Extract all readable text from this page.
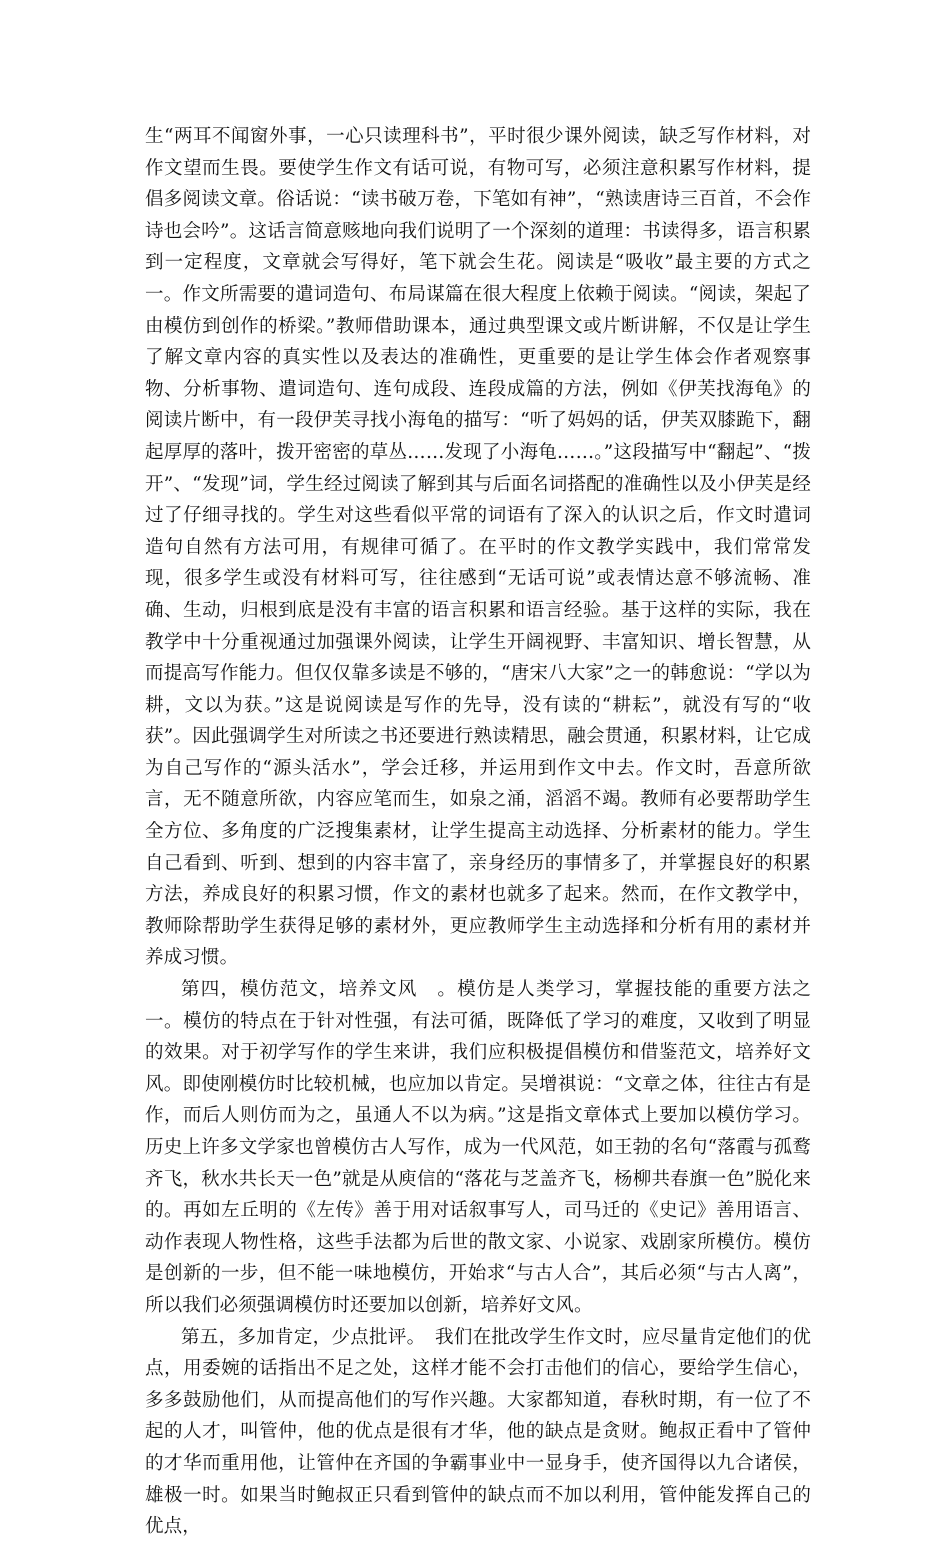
生“两耳不闻窗外事，一心只读理科书”，平时很少课外阅读，缺乏写作材料，对作文望而生畏。要使学生作文有话可说，有物可写，必须注意积累写作材料，提倡多阅读文章。俗话说：“读书破万卷，下笔如有神”，“熟读唐诗三百首，不会作诗也会吟”。这话言简意赅地向我们说明了一个深刻的道理：书读得多，语言积累到一定程度，文章就会写得好，笔下就会生花。阅读是“吸收”最主要的方式之一。作文所需要的遣词造句、布局谋篇在很大程度上依赖于阅读。“阅读，架起了由模仿到创作的桥梁。”教师借助课本，通过典型课文或片断讲解，不仅是让学生了解文章内容的真实性以及表达的准确性，更重要的是让学生体会作者观察事物、分析事物、遣词造句、连句成段、连段成篇的方法，例如《伊芙找海龟》的阅读片断中，有一段伊芙寻找小海龟的描写：“听了妈妈的话，伊芙双膝跪下，翻起厚厚的落叶，拨开密密的草丛……发现了小海龟……。”这段描写中“翻起”、“拨开”、“发现”词，学生经过阅读了解到其与后面名词搭配的准确性以及小伊芙是经过了仔细寻找的。学生对这些看似平常的词语有了深入的认识之后，作文时遣词造句自然有方法可用，有规律可循了。在平时的作文教学实践中，我们常常发现，很多学生或没有材料可写，往往感到“无话可说”或表情达意不够流畅、准确、生动，归根到底是没有丰富的语言积累和语言经验。基于这样的实际，我在教学中十分重视通过加强课外阅读，让学生开阔视野、丰富知识、增长智慧，从而提高写作能力。但仅仅靠多读是不够的，“唐宋八大家”之一的韩愈说：“学以为耕，文以为获。”这是说阅读是写作的先导，没有读的“耕耘”，就没有写的“收获”。因此强调学生对所读之书还要进行熟读精思，融会贯通，积累材料，让它成为自己写作的“源头活水”，学会迁移，并运用到作文中去。作文时，吾意所欲言，无不随意所欲，内容应笔而生，如泉之涌，滔滔不竭。教师有必要帮助学生全方位、多角度的广泛搜集素材，让学生提高主动选择、分析素材的能力。学生自己看到、听到、想到的内容丰富了，亲身经历的事情多了，并掌握良好的积累方法，养成良好的积累习惯，作文的素材也就多了起来。然而，在作文教学中，教师除帮助学生获得足够的素材外，更应教师学生主动选择和分析有用的素材并养成习惯。

第四，模仿范文，培养文风　。模仿是人类学习，掌握技能的重要方法之一。模仿的特点在于针对性强，有法可循，既降低了学习的难度，又收到了明显的效果。对于初学写作的学生来讲，我们应积极提倡模仿和借鉴范文，培养好文风。即使刚模仿时比较机械，也应加以肯定。吴增祺说：“文章之体，往往古有是作，而后人则仿而为之，虽通人不以为病。”这是指文章体式上要加以模仿学习。历史上许多文学家也曾模仿古人写作，成为一代风范，如王勃的名句“落霞与孤鹜齐飞，秋水共长天一色”就是从庾信的“落花与芝盖齐飞，杨柳共春旗一色”脱化来的。再如左丘明的《左传》善于用对话叙事写人，司马迁的《史记》善用语言、动作表现人物性格，这些手法都为后世的散文家、小说家、戏剧家所模仿。模仿是创新的一步，但不能一味地模仿，开始求“与古人合”，其后必须“与古人离”，所以我们必须强调模仿时还要加以创新，培养好文风。

第五，多加肯定，少点批评。　我们在批改学生作文时，应尽量肯定他们的优点，用委婉的话指出不足之处，这样才能不会打击他们的信心，要给学生信心，多多鼓励他们，从而提高他们的写作兴趣。大家都知道，春秋时期，有一位了不起的人才，叫管仲，他的优点是很有才华，他的缺点是贪财。鲍叔正看中了管仲的才华而重用他，让管仲在齐国的争霸事业中一显身手，使齐国得以九合诸侯，雄极一时。如果当时鲍叔正只看到管仲的缺点而不加以利用，管仲能发挥自己的优点，
